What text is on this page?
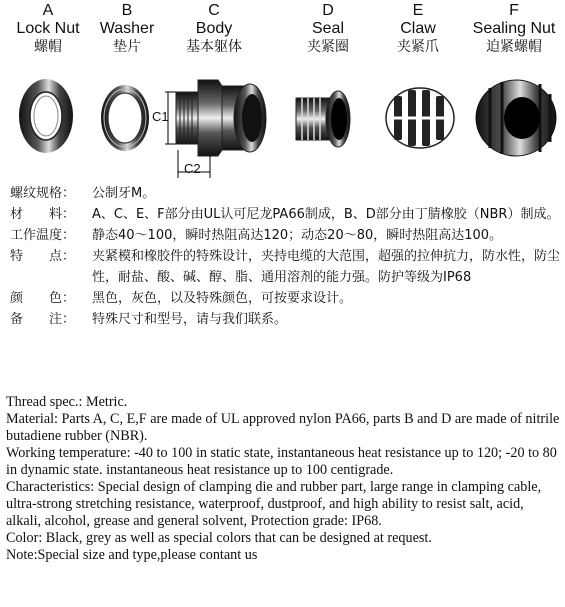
A
Lock Nut
螺帽
B
Washer
垫片
C
Body
基本躯体
D
Seal
夹紧圈
E
Claw
夹紧爪
F
Sealing Nut
迫紧螺帽
C1
C2
螺纹规格：	公制牙M。
材　　料：	A、C、E、F部分由UL认可尼龙PA66制成，B、D部分由丁腈橡胶（NBR）制成。
工作温度：	静态40～100，瞬时热阻高达120；动态20～80，瞬时热阻高达100。
特　　点：	夹紧模和橡胶件的特殊设计，夹持电缆的大范围，超强的拉伸抗力，防水性，防尘性，耐盐、酸、碱、醇、脂、通用溶剂的能力强。防护等级为IP68
颜　　色：	黑色，灰色，以及特殊颜色，可按要求设计。
备　　注：	特殊尺寸和型号，请与我们联系。

Thread spec.: Metric.

Material: Parts A, C, E,F are made of UL approved nylon PA66, parts B and D are made of nitrile butadiene rubber (NBR).

Working temperature: -40 to 100 in static state, instantaneous heat resistance up to 120; -20 to 80 in dynamic state. instantaneous heat resistance up to 100 centigrade.

Characteristics: Special design of clamping die and rubber part, large range in clamping cable, ultra-strong stretching resistance, waterproof, dustproof, and high ability to resist salt, acid, alkali, alcohol, grease and general solvent, Protection grade: IP68.

Color: Black, grey as well as special colors that can be designed at request.

Note:Special size and type,please contant us
